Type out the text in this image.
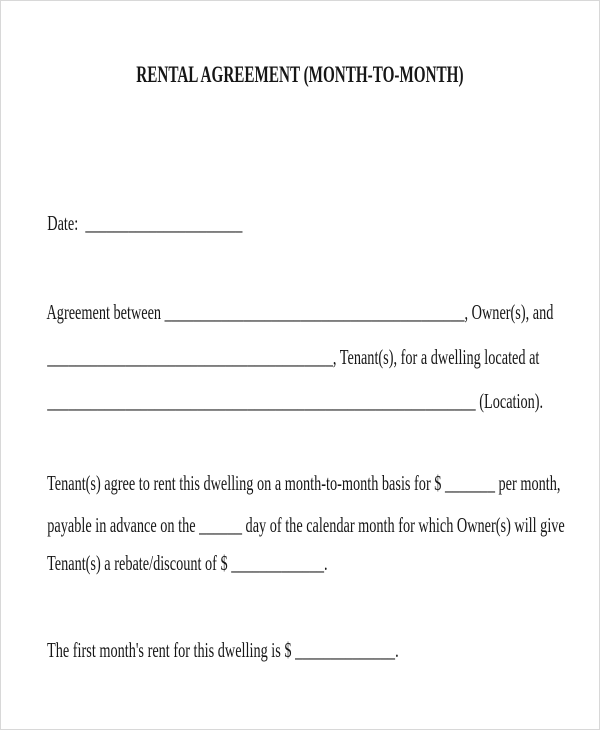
RENTAL AGREEMENT (MONTH-TO-MONTH)

Date:  ______________________

Agreement between __________________________________________, Owner(s), and

________________________________________, Tenant(s), for a dwelling located at

____________________________________________________________ (Location).

Tenant(s) agree to rent this dwelling on a month-to-month basis for $ _______ per month,

payable in advance on the ______ day of the calendar month for which Owner(s) will give

Tenant(s) a rebate/discount of $ _____________.

The first month's rent for this dwelling is $ ______________.
